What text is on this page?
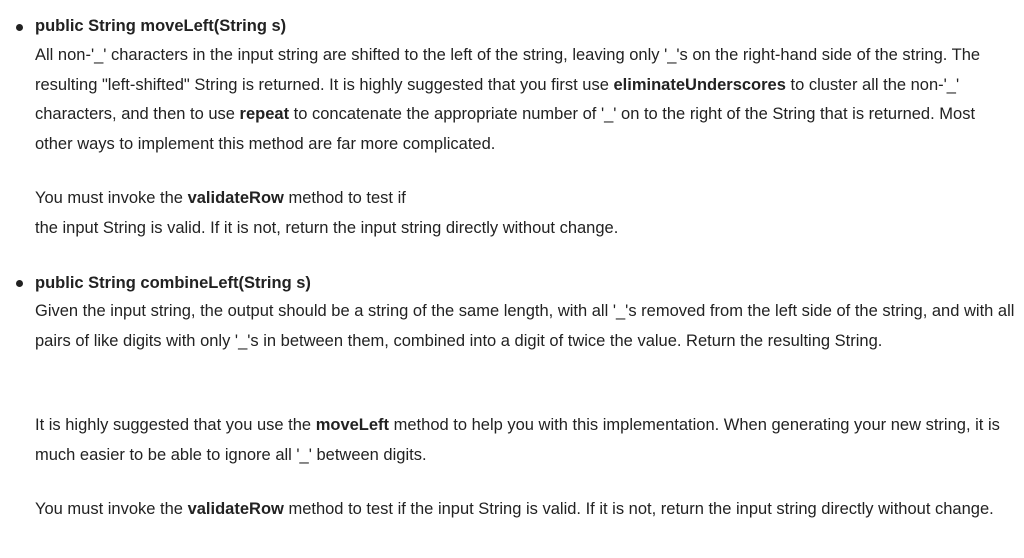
public String moveLeft(String s)

All non-'_' characters in the input string are shifted to the left of the string, leaving only '_'s on the right-hand side of the string. The resulting "left-shifted" String is returned. It is highly suggested that you first use eliminateUnderscores to cluster all the non-'_' characters, and then to use repeat to concatenate the appropriate number of '_' on to the right of the String that is returned. Most other ways to implement this method are far more complicated.

You must invoke the validateRow method to test if
the input String is valid. If it is not, return the input string directly without change.

public String combineLeft(String s)

Given the input string, the output should be a string of the same length, with all '_'s removed from the left side of the string, and with all pairs of like digits with only '_'s in between them, combined into a digit of twice the value. Return the resulting String.

It is highly suggested that you use the moveLeft method to help you with this implementation. When generating your new string, it is much easier to be able to ignore all '_' between digits.

You must invoke the validateRow method to test if the input String is valid. If it is not, return the input string directly without change.
